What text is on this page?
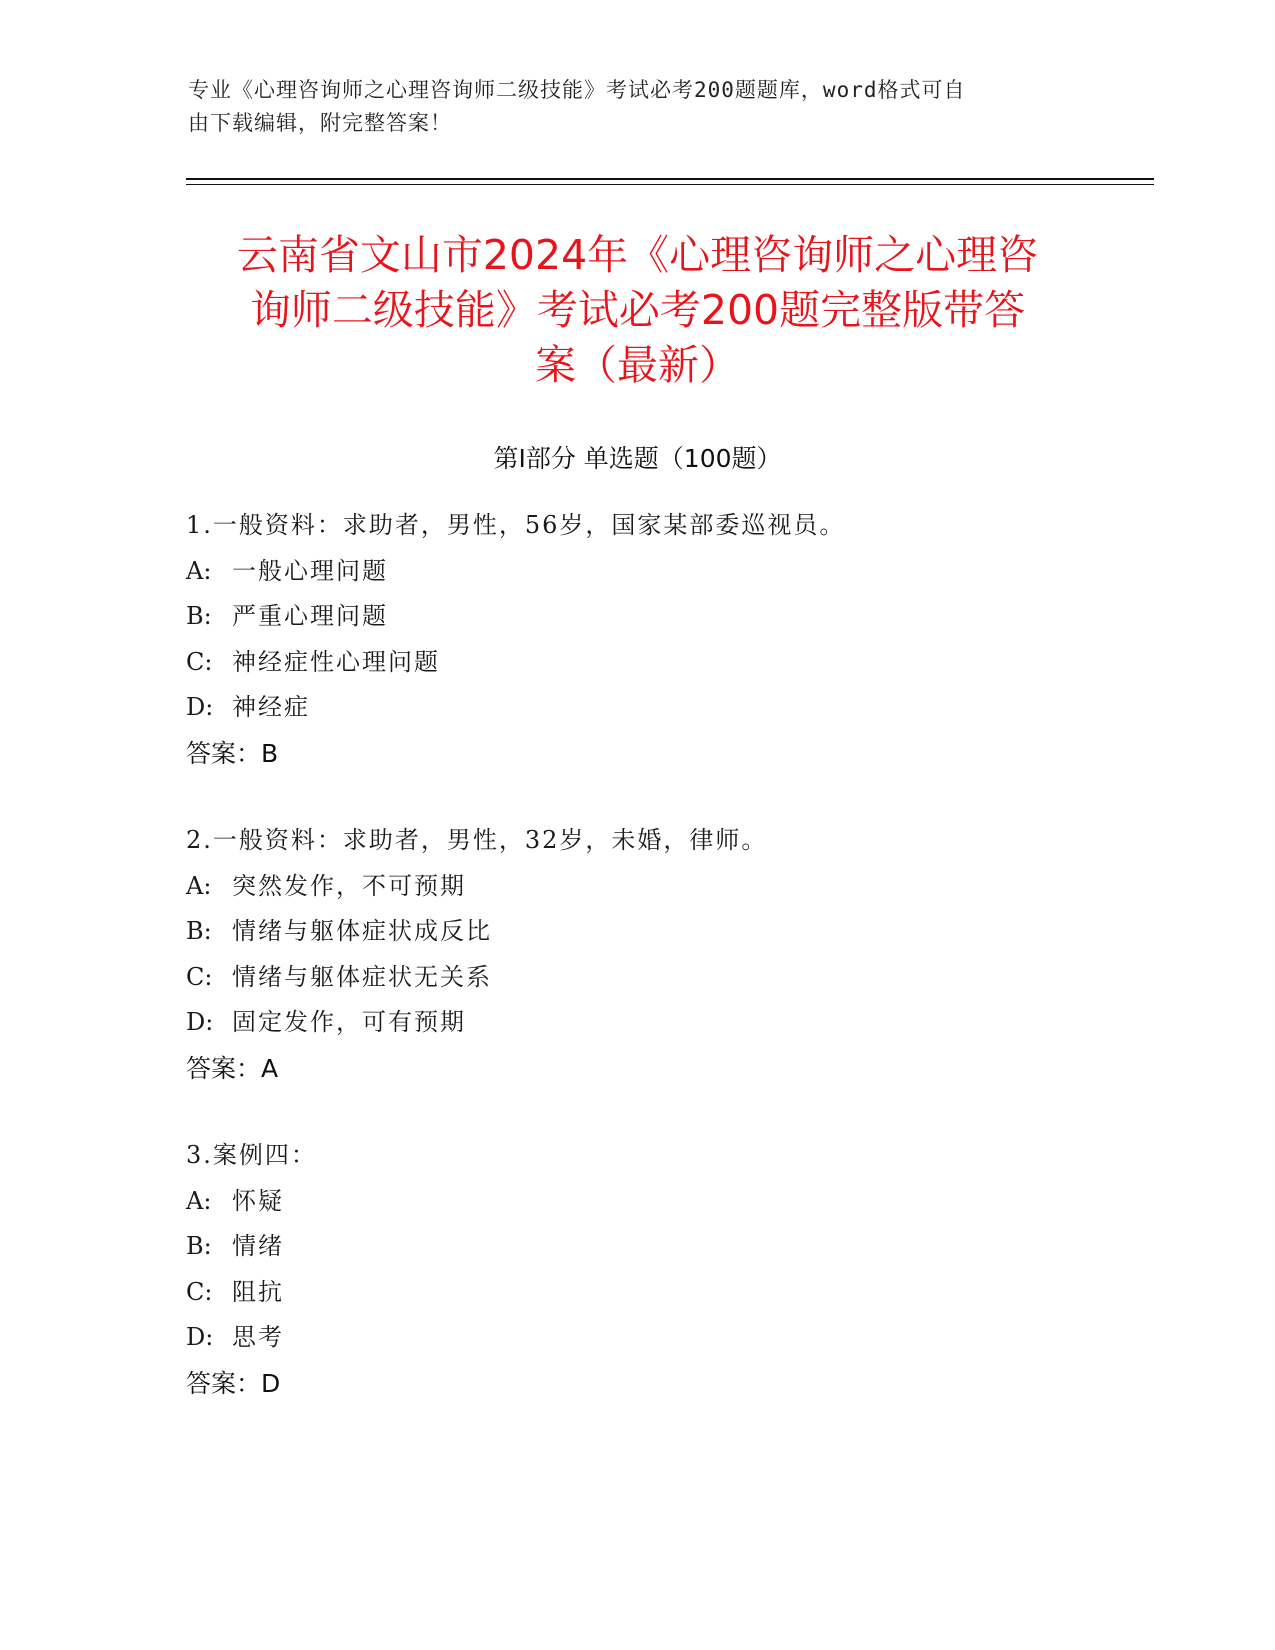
专业《心理咨询师之心理咨询师二级技能》考试必考200题题库，word格式可自
由下载编辑，附完整答案！
云南省文山市2024年《心理咨询师之心理咨
询师二级技能》考试必考200题完整版带答
案（最新）
第Ⅰ部分 单选题（100题）
1.一般资料：求助者，男性，56岁，国家某部委巡视员。
A: 一般心理问题
B: 严重心理问题
C: 神经症性心理问题
D: 神经症
答案：B
2.一般资料：求助者，男性，32岁，未婚，律师。
A: 突然发作，不可预期
B: 情绪与躯体症状成反比
C: 情绪与躯体症状无关系
D: 固定发作，可有预期
答案：A
3.案例四：
A: 怀疑
B: 情绪
C: 阻抗
D: 思考
答案：D
